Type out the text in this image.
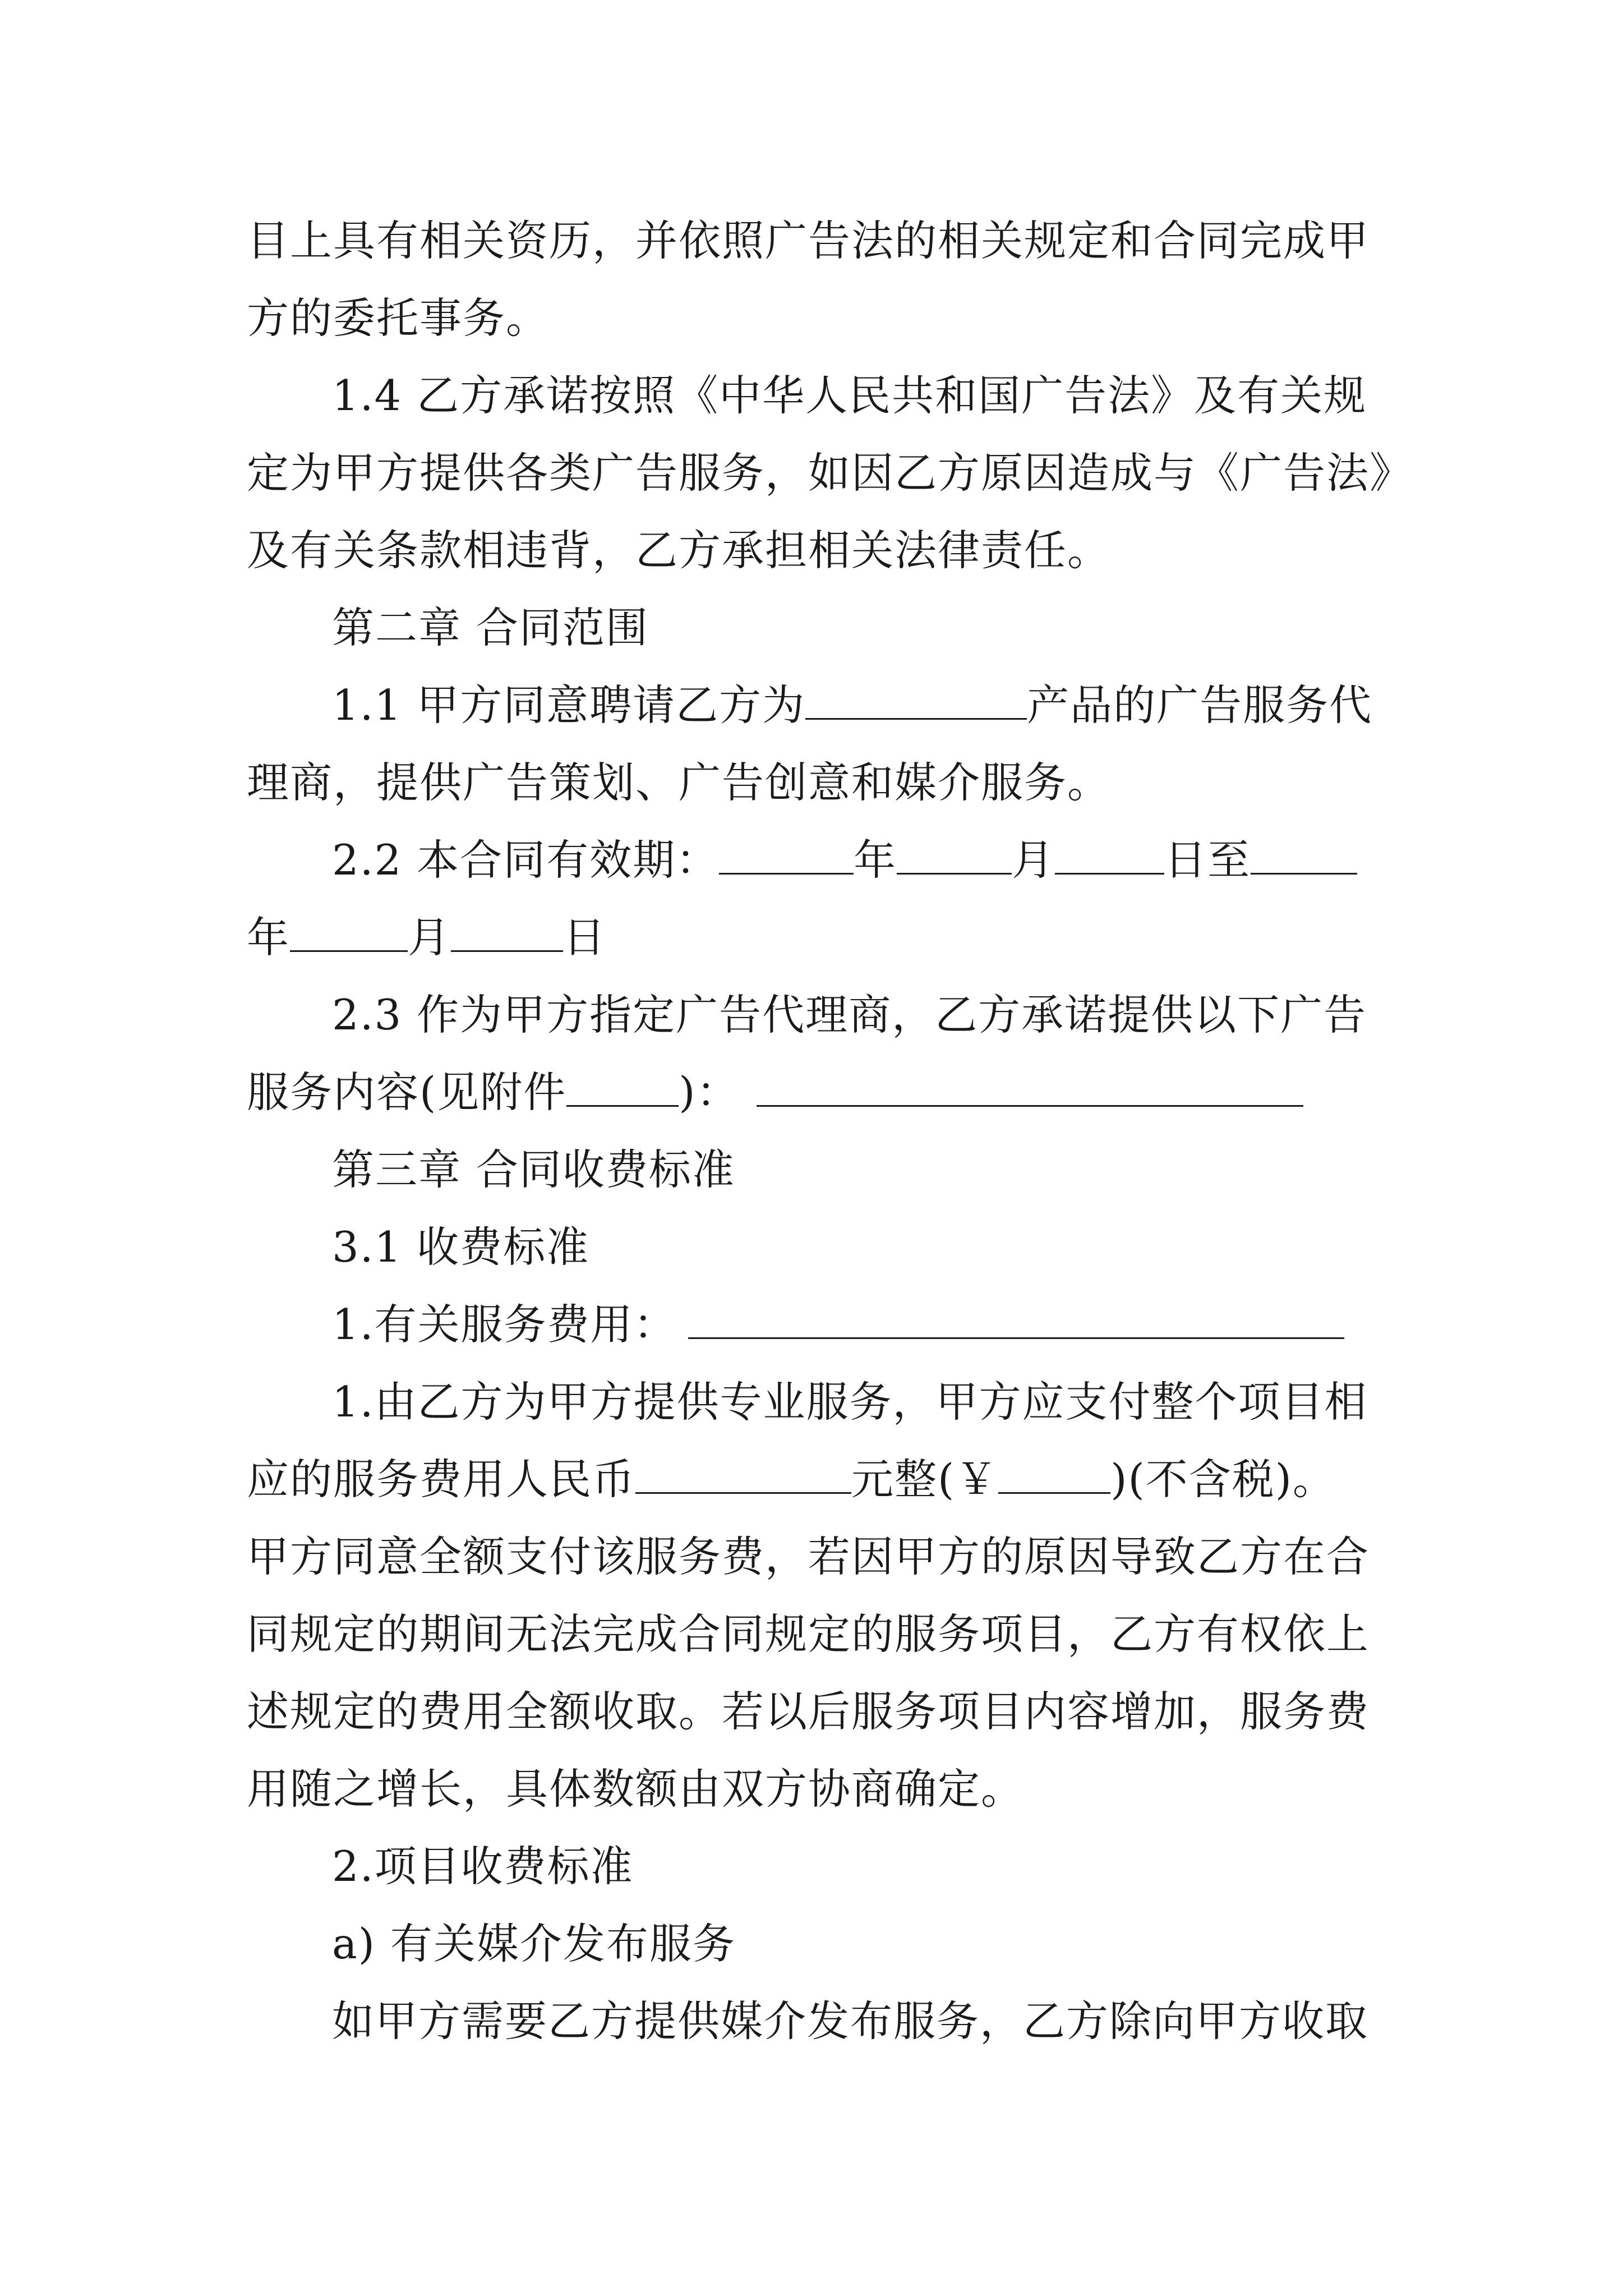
目上具有相关资历，并依照广告法的相关规定和合同完成甲
方的委托事务。

1.4 乙方承诺按照《中华人民共和国广告法》及有关规
定为甲方提供各类广告服务，如因乙方原因造成与《广告法》
及有关条款相违背，乙方承担相关法律责任。

第二章 合同范围

1.1 甲方同意聘请乙方为	产品的广告服务代
理商，提供广告策划、广告创意和媒介服务。

2.2 本合同有效期：	年	月	日至
年	月	日

2.3 作为甲方指定广告代理商，乙方承诺提供以下广告
服务内容(见附件	)：

第三章 合同收费标准

3.1 收费标准

1.有关服务费用：

1.由乙方为甲方提供专业服务，甲方应支付整个项目相
应的服务费用人民币	元整(￥	)(不含税)。
甲方同意全额支付该服务费，若因甲方的原因导致乙方在合
同规定的期间无法完成合同规定的服务项目，乙方有权依上
述规定的费用全额收取。若以后服务项目内容增加，服务费
用随之增长，具体数额由双方协商确定。

2.项目收费标准

a) 有关媒介发布服务

如甲方需要乙方提供媒介发布服务，乙方除向甲方收取
